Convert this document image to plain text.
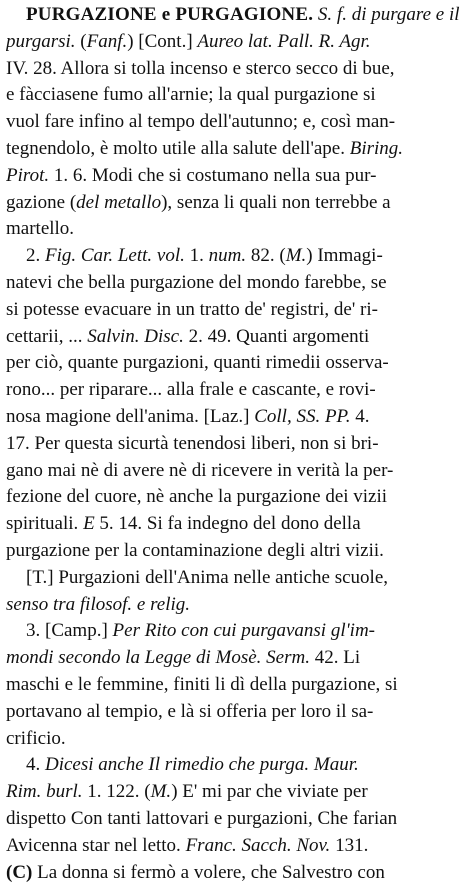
PURGAZIONE e PURGAGIONE. S. f. di purgare e il
purgarsi. (Fanf.) [Cont.] Aureo lat. Pall. R. Agr.
IV. 28. Allora si tolla incenso e sterco secco di bue,
e fàcciasene fumo all'arnie; la qual purgazione si
vuol fare infino al tempo dell'autunno; e, così man-
tegnendolo, è molto utile alla salute dell'ape. Biring.
Pirot. 1. 6. Modi che si costumano nella sua pur-
gazione (del metallo), senza li quali non terrebbe a
martello.
2. Fig. Car. Lett. vol. 1. num. 82. (M.) Immagi-
natevi che bella purgazione del mondo farebbe, se
si potesse evacuare in un tratto de' registri, de' ri-
cettarii, ... Salvin. Disc. 2. 49. Quanti argomenti
per ciò, quante purgazioni, quanti rimedii osserva-
rono... per riparare... alla frale e cascante, e rovi-
nosa magione dell'anima. [Laz.] Coll, SS. PP. 4.
17. Per questa sicurtà tenendosi liberi, non si bri-
gano mai nè di avere nè di ricevere in verità la per-
fezione del cuore, nè anche la purgazione dei vizii
spirituali. E 5. 14. Si fa indegno del dono della
purgazione per la contaminazione degli altri vizii.
[T.] Purgazioni dell'Anima nelle antiche scuole,
senso tra filosof. e relig.
3. [Camp.] Per Rito con cui purgavansi gl'im-
mondi secondo la Legge di Mosè. Serm. 42. Li
maschi e le femmine, finiti li dì della purgazione, si
portavano al tempio, e là si offeria per loro il sa-
crificio.
4. Dicesi anche Il rimedio che purga. Maur.
Rim. burl. 1. 122. (M.) E' mi par che viviate per
dispetto Con tanti lattovari e purgazioni, Che farian
Avicenna star nel letto. Franc. Sacch. Nov. 131.
(C) La donna si fermò a volere, che Salvestro con
